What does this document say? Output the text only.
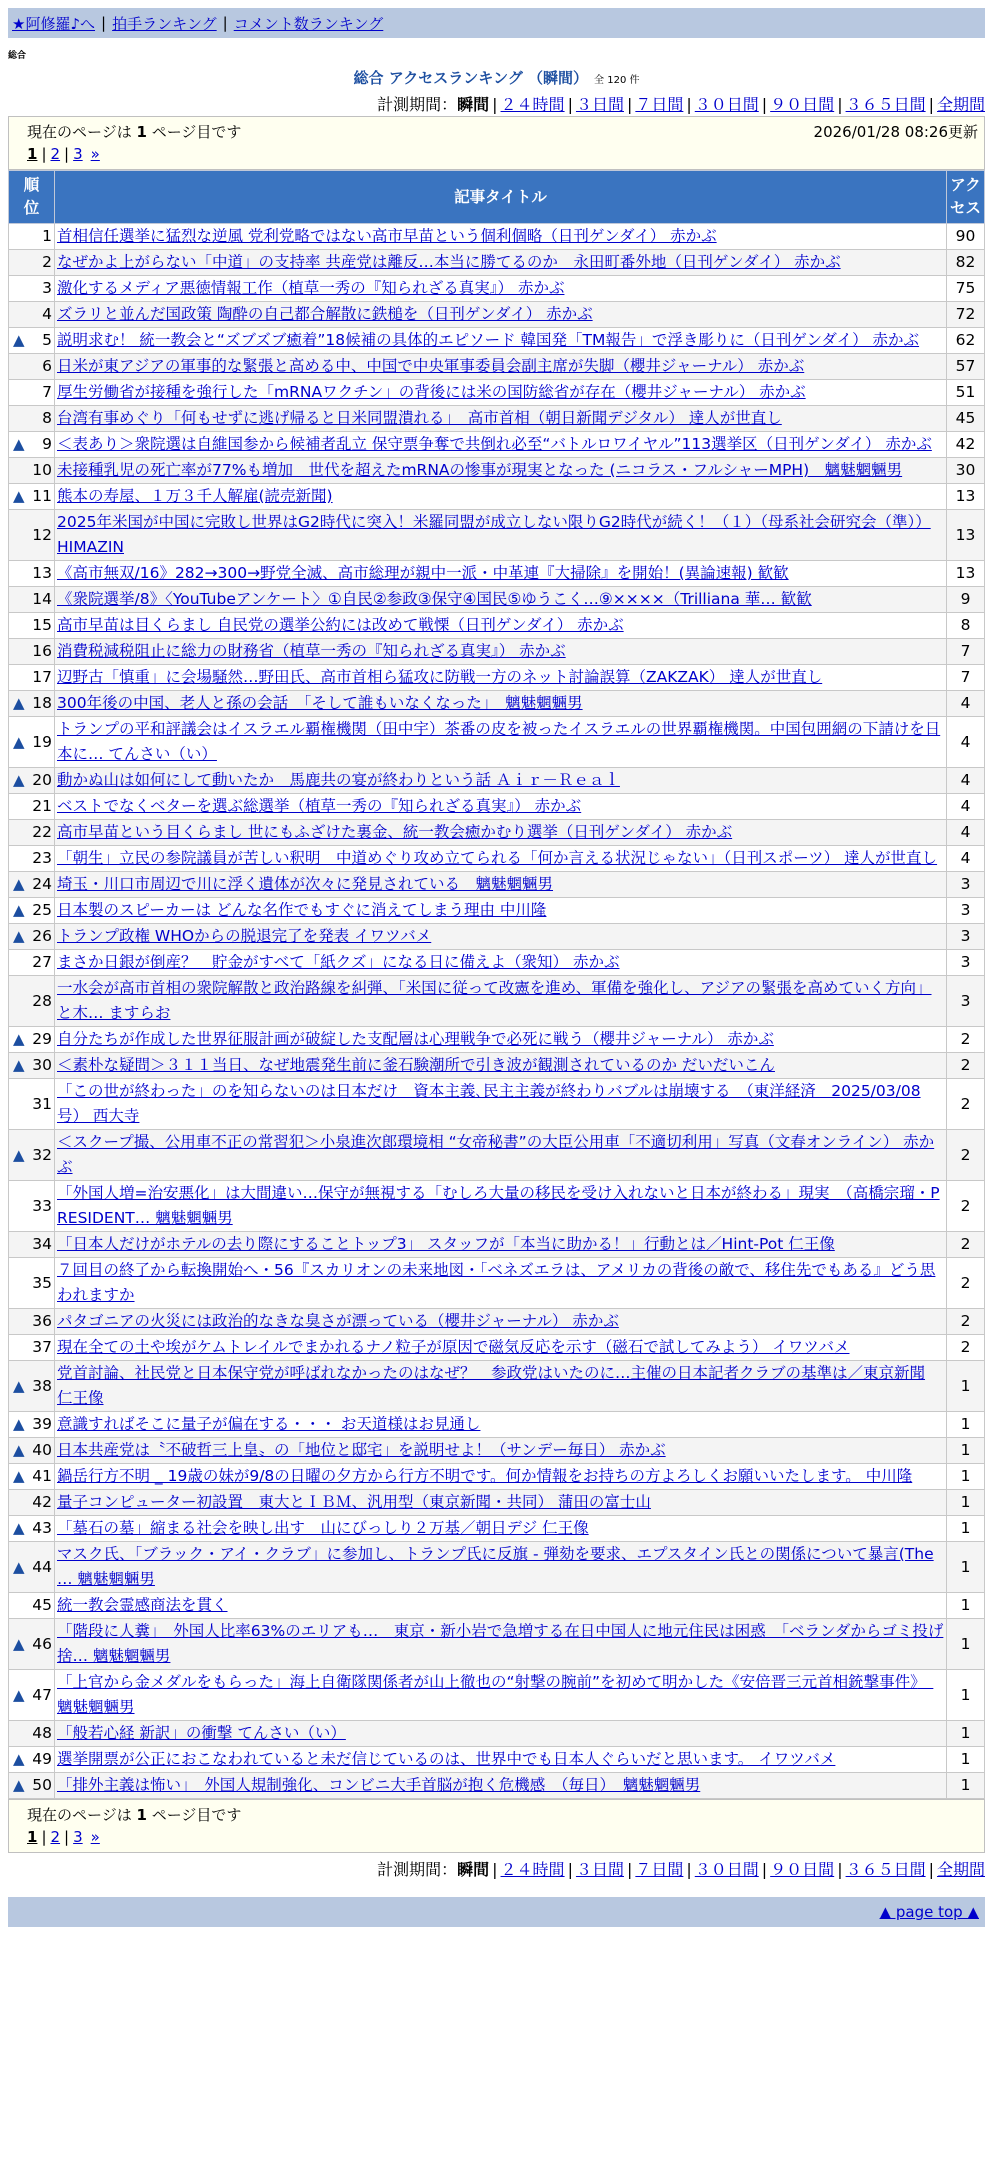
★阿修羅♪へ | 拍手ランキング | コメント数ランキング
総合
総合 アクセスランキング （瞬間） 全 120 件
計測期間：瞬間 | ２４時間 | ３日間 | ７日間 | ３０日間 | ９０日間 | ３６５日間 | 全期間
現在のページは 1 ページ目です	2026/01/28 08:26更新
1 | 2 | 3 »
順
位	記事タイトル	アク
セス
1	首相信任選挙に猛烈な逆風 党利党略ではない高市早苗という個利個略（日刊ゲンダイ） 赤かぶ	90
2	なぜかよ上がらない「中道」の支持率 共産党は離反…本当に勝てるのか　永田町番外地（日刊ゲンダイ） 赤かぶ	82
3	激化するメディア悪徳情報工作（植草一秀の『知られざる真実』） 赤かぶ	75
4	ズラリと並んだ国政策 陶酔の自己都合解散に鉄槌を（日刊ゲンダイ） 赤かぶ	72

▲ 5	説明求む！ 統一教会と“ズブズブ癒着”18候補の具体的エピソード 韓国発「TM報告」で浮き彫りに（日刊ゲンダイ） 赤かぶ	62
6	日米が東アジアの軍事的な緊張と高める中、中国で中央軍事委員会副主席が失脚（櫻井ジャーナル） 赤かぶ	57
7	厚生労働省が接種を強行した「mRNAワクチン」の背後には米の国防総省が存在（櫻井ジャーナル） 赤かぶ	51
8	台湾有事めぐり「何もせずに逃げ帰ると日米同盟潰れる」　高市首相（朝日新聞デジタル） 達人が世直し	45

▲ 9	＜表あり＞衆院選は自維国参から候補者乱立 保守票争奪で共倒れ必至“バトルロワイヤル”113選挙区（日刊ゲンダイ） 赤かぶ	42
10	未接種乳児の死亡率が77%も増加　世代を超えたmRNAの惨事が現実となった (ニコラス・フルシャーMPH)　魑魅魍魎男	30

▲ 11	熊本の寿屋、１万３千人解雇(読売新聞)	13
12	2025年米国が中国に完敗し世界はG2時代に突入！米羅同盟が成立しない限りG2時代が続く！（１）（母系社会研究会（準）） HIMAZIN	13
13	《高市無双/16》282→300→野党全滅、高市総理が親中一派・中革連『大掃除』を開始！(異論速報) 歓歓	13
14	《衆院選挙/8》〈YouTubeアンケート〉①自民②参政③保守④国民⑤ゆうこく…⑨××××（Trilliana 華… 歓歓	9
15	高市早苗は目くらまし 自民党の選挙公約には改めて戦慄（日刊ゲンダイ） 赤かぶ	8
16	消費税減税阻止に総力の財務省（植草一秀の『知られざる真実』） 赤かぶ	7
17	辺野古「慎重」に会場騒然…野田氏、高市首相ら猛攻に防戦一方のネット討論誤算（ZAKZAK） 達人が世直し	7

▲ 18	300年後の中国、老人と孫の会話　「そして誰もいなくなった」　魑魅魍魎男	4

▲ 19	トランプの平和評議会はイスラエル覇権機関（田中宇）茶番の皮を被ったイスラエルの世界覇権機関。中国包囲網の下請けを日本に… てんさい（い）	4

▲ 20	動かぬ山は如何にして動いたか　馬鹿共の宴が終わりという話 Ａｉｒ－Ｒｅａｌ	4
21	ベストでなくベターを選ぶ総選挙（植草一秀の『知られざる真実』） 赤かぶ	4
22	高市早苗という目くらまし 世にもふざけた裏金、統一教会癒かむり選挙（日刊ゲンダイ） 赤かぶ	4
23	「朝生」立民の参院議員が苦しい釈明　中道めぐり攻め立てられる「何か言える状況じゃない」（日刊スポーツ） 達人が世直し	4

▲ 24	埼玉・川口市周辺で川に浮く遺体が次々に発見されている　魑魅魍魎男	3

▲ 25	日本製のスピーカーは どんな名作でもすぐに消えてしまう理由 中川隆	3

▲ 26	トランプ政権 WHOからの脱退完了を発表 イワツバメ	3
27	まさか日銀が倒産？　貯金がすべて「紙クズ」になる日に備えよ（衆知） 赤かぶ	3
28	一水会が高市首相の衆院解散と政治路線を糾弾、「米国に従って改憲を進め、軍備を強化し、アジアの緊張を高めていく方向」と木… ますらお	3

▲ 29	自分たちが作成した世界征服計画が破綻した支配層は心理戦争で必死に戦う（櫻井ジャーナル） 赤かぶ	2

▲ 30	＜素朴な疑問＞３１１当日、なぜ地震発生前に釜石験潮所で引き波が観測されているのか だいだいこん	2
31	「この世が終わった」のを知らないのは日本だけ　資本主義､民主主義が終わりバブルは崩壊する　（東洋経済　2025/03/08号） 西大寺	2

▲ 32	＜スクープ撮、公用車不正の常習犯＞小泉進次郎環境相 “女帝秘書”の大臣公用車「不適切利用」写真（文春オンライン） 赤かぶ	2
33	「外国人増=治安悪化」は大間違い…保守が無視する「むしろ大量の移民を受け入れないと日本が終わる」現実　（高橋宗瑠・PRESIDENT… 魑魅魍魎男	2
34	「日本人だけがホテルの去り際にすることトップ3」 スタッフが「本当に助かる！」行動とは／Hint-Pot 仁王像	2
35	７回目の終了から転換開始へ・56『スカリオンの未来地図・「ベネズエラは、アメリカの背後の敵で、移住先でもある』どう思われますか	2
36	パタゴニアの火災には政治的なきな臭さが漂っている（櫻井ジャーナル） 赤かぶ	2
37	現在全ての土や埃がケムトレイルでまかれるナノ粒子が原因で磁気反応を示す（磁石で試してみよう） イワツバメ	2

▲ 38	党首討論、社民党と日本保守党が呼ばれなかったのはなぜ？　参政党はいたのに…主催の日本記者クラブの基準は／東京新聞 仁王像	1

▲ 39	意識すればそこに量子が偏在する・・・ お天道様はお見通し	1

▲ 40	日本共産党は〝不破哲三上皇〟の「地位と邸宅」を説明せよ！（サンデー毎日） 赤かぶ	1

▲ 41	鍋岳行方不明 _ 19歳の妹が9/8の日曜の夕方から行方不明です。何か情報をお持ちの方よろしくお願いいたします。 中川隆	1
42	量子コンピューター初設置　東大とＩＢＭ、汎用型（東京新聞・共同） 蒲田の富士山	1

▲ 43	「墓石の墓」縮まる社会を映し出す　山にびっしり２万基／朝日デジ 仁王像	1

▲ 44	マスク氏、「ブラック・アイ・クラブ」に参加し、トランプ氏に反旗 - 弾劾を要求、エプスタイン氏との関係について暴言(The … 魑魅魍魎男	1
45	統一教会霊感商法を貫く	1

▲ 46	「階段に人糞」　外国人比率63%のエリアも…　東京・新小岩で急増する在日中国人に地元住民は困惑　「ベランダからゴミ投げ捨… 魑魅魍魎男	1

▲ 47	「上官から金メダルをもらった」海上自衛隊関係者が山上徹也の“射撃の腕前”を初めて明かした《安倍晋三元首相銃撃事件》　魑魅魍魎男	1
48	「般若心経 新訳」の衝撃 てんさい（い）	1

▲ 49	選挙開票が公正におこなわれていると未だ信じているのは、世界中でも日本人ぐらいだと思います。 イワツバメ	1

▲ 50	「排外主義は怖い」　外国人規制強化、コンビニ大手首脳が抱く危機感　（毎日）　魑魅魍魎男	1
現在のページは 1 ページ目です
1 | 2 | 3 »
計測期間：瞬間 | ２４時間 | ３日間 | ７日間 | ３０日間 | ９０日間 | ３６５日間 | 全期間
▲ page top ▲
